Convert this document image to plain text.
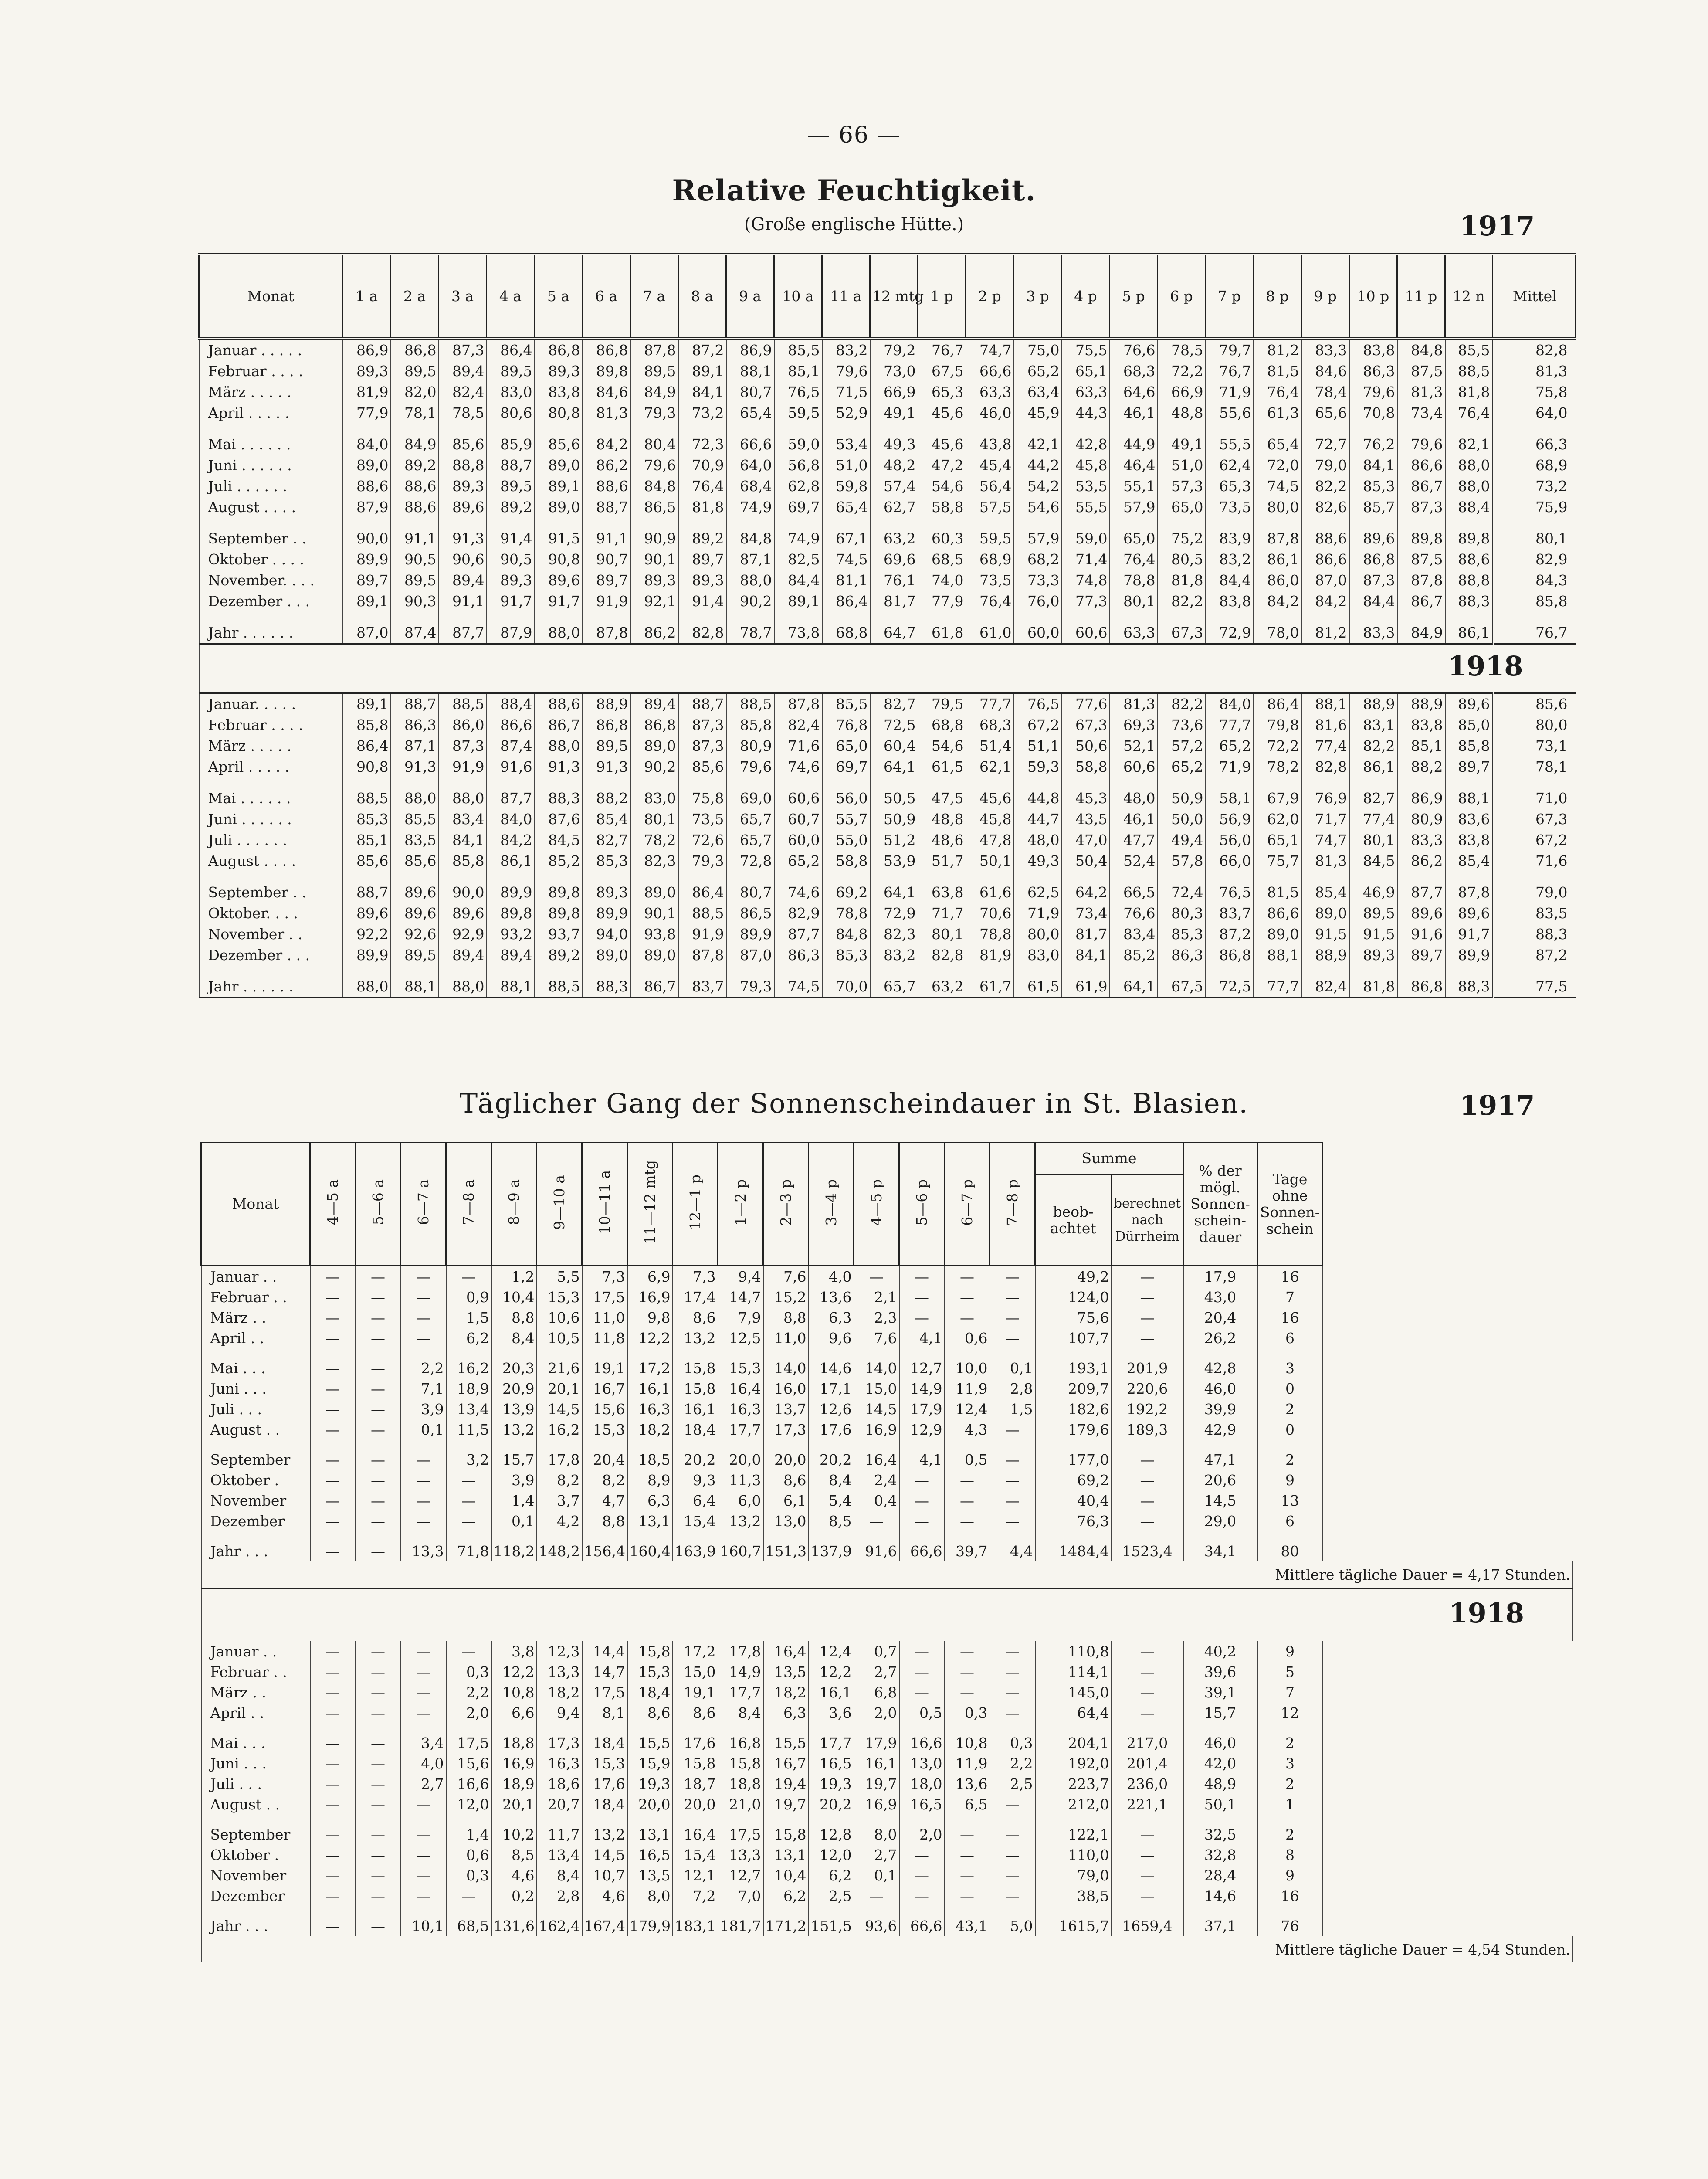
— 66 —
Relative Feuchtigkeit.
(Große englische Hütte.)	1917
Monat	1 a	2 a	3 a	4 a	5 a	6 a	7 a	8 a	9 a	10 a	11 a	12 mtg	1 p	2 p	3 p	4 p	5 p	6 p	7 p	8 p	9 p	10 p	11 p	12 n	Mittel
Januar . . . . .	86,9	86,8	87,3	86,4	86,8	86,8	87,8	87,2	86,9	85,5	83,2	79,2	76,7	74,7	75,0	75,5	76,6	78,5	79,7	81,2	83,3	83,8	84,8	85,5	82,8
Februar . . . .	89,3	89,5	89,4	89,5	89,3	89,8	89,5	89,1	88,1	85,1	79,6	73,0	67,5	66,6	65,2	65,1	68,3	72,2	76,7	81,5	84,6	86,3	87,5	88,5	81,3
März . . . . .	81,9	82,0	82,4	83,0	83,8	84,6	84,9	84,1	80,7	76,5	71,5	66,9	65,3	63,3	63,4	63,3	64,6	66,9	71,9	76,4	78,4	79,6	81,3	81,8	75,8
April . . . . .	77,9	78,1	78,5	80,6	80,8	81,3	79,3	73,2	65,4	59,5	52,9	49,1	45,6	46,0	45,9	44,3	46,1	48,8	55,6	61,3	65,6	70,8	73,4	76,4	64,0
Mai . . . . . .	84,0	84,9	85,6	85,9	85,6	84,2	80,4	72,3	66,6	59,0	53,4	49,3	45,6	43,8	42,1	42,8	44,9	49,1	55,5	65,4	72,7	76,2	79,6	82,1	66,3
Juni . . . . . .	89,0	89,2	88,8	88,7	89,0	86,2	79,6	70,9	64,0	56,8	51,0	48,2	47,2	45,4	44,2	45,8	46,4	51,0	62,4	72,0	79,0	84,1	86,6	88,0	68,9
Juli . . . . . .	88,6	88,6	89,3	89,5	89,1	88,6	84,8	76,4	68,4	62,8	59,8	57,4	54,6	56,4	54,2	53,5	55,1	57,3	65,3	74,5	82,2	85,3	86,7	88,0	73,2
August . . . .	87,9	88,6	89,6	89,2	89,0	88,7	86,5	81,8	74,9	69,7	65,4	62,7	58,8	57,5	54,6	55,5	57,9	65,0	73,5	80,0	82,6	85,7	87,3	88,4	75,9
September . .	90,0	91,1	91,3	91,4	91,5	91,1	90,9	89,2	84,8	74,9	67,1	63,2	60,3	59,5	57,9	59,0	65,0	75,2	83,9	87,8	88,6	89,6	89,8	89,8	80,1
Oktober . . . .	89,9	90,5	90,6	90,5	90,8	90,7	90,1	89,7	87,1	82,5	74,5	69,6	68,5	68,9	68,2	71,4	76,4	80,5	83,2	86,1	86,6	86,8	87,5	88,6	82,9
November. . . .	89,7	89,5	89,4	89,3	89,6	89,7	89,3	89,3	88,0	84,4	81,1	76,1	74,0	73,5	73,3	74,8	78,8	81,8	84,4	86,0	87,0	87,3	87,8	88,8	84,3
Dezember . . .	89,1	90,3	91,1	91,7	91,7	91,9	92,1	91,4	90,2	89,1	86,4	81,7	77,9	76,4	76,0	77,3	80,1	82,2	83,8	84,2	84,2	84,4	86,7	88,3	85,8
Jahr . . . . . .	87,0	87,4	87,7	87,9	88,0	87,8	86,2	82,8	78,7	73,8	68,8	64,7	61,8	61,0	60,0	60,6	63,3	67,3	72,9	78,0	81,2	83,3	84,9	86,1	76,7
1918																									
Januar. . . . .	89,1	88,7	88,5	88,4	88,6	88,9	89,4	88,7	88,5	87,8	85,5	82,7	79,5	77,7	76,5	77,6	81,3	82,2	84,0	86,4	88,1	88,9	88,9	89,6	85,6
Februar . . . .	85,8	86,3	86,0	86,6	86,7	86,8	86,8	87,3	85,8	82,4	76,8	72,5	68,8	68,3	67,2	67,3	69,3	73,6	77,7	79,8	81,6	83,1	83,8	85,0	80,0
März . . . . .	86,4	87,1	87,3	87,4	88,0	89,5	89,0	87,3	80,9	71,6	65,0	60,4	54,6	51,4	51,1	50,6	52,1	57,2	65,2	72,2	77,4	82,2	85,1	85,8	73,1
April . . . . .	90,8	91,3	91,9	91,6	91,3	91,3	90,2	85,6	79,6	74,6	69,7	64,1	61,5	62,1	59,3	58,8	60,6	65,2	71,9	78,2	82,8	86,1	88,2	89,7	78,1
Mai . . . . . .	88,5	88,0	88,0	87,7	88,3	88,2	83,0	75,8	69,0	60,6	56,0	50,5	47,5	45,6	44,8	45,3	48,0	50,9	58,1	67,9	76,9	82,7	86,9	88,1	71,0
Juni . . . . . .	85,3	85,5	83,4	84,0	87,6	85,4	80,1	73,5	65,7	60,7	55,7	50,9	48,8	45,8	44,7	43,5	46,1	50,0	56,9	62,0	71,7	77,4	80,9	83,6	67,3
Juli . . . . . .	85,1	83,5	84,1	84,2	84,5	82,7	78,2	72,6	65,7	60,0	55,0	51,2	48,6	47,8	48,0	47,0	47,7	49,4	56,0	65,1	74,7	80,1	83,3	83,8	67,2
August . . . .	85,6	85,6	85,8	86,1	85,2	85,3	82,3	79,3	72,8	65,2	58,8	53,9	51,7	50,1	49,3	50,4	52,4	57,8	66,0	75,7	81,3	84,5	86,2	85,4	71,6
September . .	88,7	89,6	90,0	89,9	89,8	89,3	89,0	86,4	80,7	74,6	69,2	64,1	63,8	61,6	62,5	64,2	66,5	72,4	76,5	81,5	85,4	46,9	87,7	87,8	79,0
Oktober. . . .	89,6	89,6	89,6	89,8	89,8	89,9	90,1	88,5	86,5	82,9	78,8	72,9	71,7	70,6	71,9	73,4	76,6	80,3	83,7	86,6	89,0	89,5	89,6	89,6	83,5
November . .	92,2	92,6	92,9	93,2	93,7	94,0	93,8	91,9	89,9	87,7	84,8	82,3	80,1	78,8	80,0	81,7	83,4	85,3	87,2	89,0	91,5	91,5	91,6	91,7	88,3
Dezember . . .	89,9	89,5	89,4	89,4	89,2	89,0	89,0	87,8	87,0	86,3	85,3	83,2	82,8	81,9	83,0	84,1	85,2	86,3	86,8	88,1	88,9	89,3	89,7	89,9	87,2
Jahr . . . . . .	88,0	88,1	88,0	88,1	88,5	88,3	86,7	83,7	79,3	74,5	70,0	65,7	63,2	61,7	61,5	61,9	64,1	67,5	72,5	77,7	82,4	81,8	86,8	88,3	77,5
Täglicher Gang der Sonnenscheindauer in St. Blasien.	1917
Monat	4—5 a	5—6 a	6—7 a	7—8 a	8—9 a	9—10 a	10—11 a	11—12 mtg	12—1 p	1—2 p	2—3 p	3—4 p	4—5 p	5—6 p	6—7 p	7—8 p	Summe		% der mögl. Sonnen-schein-dauer	Tage ohne Sonnen-schein
																	beob-achtet	berechnet nach Dürrheim		
Januar . .	—	—	—	—	1,2	5,5	7,3	6,9	7,3	9,4	7,6	4,0	—	—	—	—	49,2	—	17,9	16
Februar . .	—	—	—	0,9	10,4	15,3	17,5	16,9	17,4	14,7	15,2	13,6	2,1	—	—	—	124,0	—	43,0	7
März . .	—	—	—	1,5	8,8	10,6	11,0	9,8	8,6	7,9	8,8	6,3	2,3	—	—	—	75,6	—	20,4	16
April . .	—	—	—	6,2	8,4	10,5	11,8	12,2	13,2	12,5	11,0	9,6	7,6	4,1	0,6	—	107,7	—	26,2	6
Mai . . .	—	—	2,2	16,2	20,3	21,6	19,1	17,2	15,8	15,3	14,0	14,6	14,0	12,7	10,0	0,1	193,1	201,9	42,8	3
Juni . . .	—	—	7,1	18,9	20,9	20,1	16,7	16,1	15,8	16,4	16,0	17,1	15,0	14,9	11,9	2,8	209,7	220,6	46,0	0
Juli . . .	—	—	3,9	13,4	13,9	14,5	15,6	16,3	16,1	16,3	13,7	12,6	14,5	17,9	12,4	1,5	182,6	192,2	39,9	2
August . .	—	—	0,1	11,5	13,2	16,2	15,3	18,2	18,4	17,7	17,3	17,6	16,9	12,9	4,3	—	179,6	189,3	42,9	0
September	—	—	—	3,2	15,7	17,8	20,4	18,5	20,2	20,0	20,0	20,2	16,4	4,1	0,5	—	177,0	—	47,1	2
Oktober .	—	—	—	—	3,9	8,2	8,2	8,9	9,3	11,3	8,6	8,4	2,4	—	—	—	69,2	—	20,6	9
November	—	—	—	—	1,4	3,7	4,7	6,3	6,4	6,0	6,1	5,4	0,4	—	—	—	40,4	—	14,5	13
Dezember	—	—	—	—	0,1	4,2	8,8	13,1	15,4	13,2	13,0	8,5	—	—	—	—	76,3	—	29,0	6
Jahr . . .	—	—	13,3	71,8	118,2	148,2	156,4	160,4	163,9	160,7	151,3	137,9	91,6	66,6	39,7	4,4	1484,4	1523,4	34,1	80
Mittlere tägliche Dauer = 4,17 Stunden.																				
1918																				
Januar . .	—	—	—	—	3,8	12,3	14,4	15,8	17,2	17,8	16,4	12,4	0,7	—	—	—	110,8	—	40,2	9
Februar . .	—	—	—	0,3	12,2	13,3	14,7	15,3	15,0	14,9	13,5	12,2	2,7	—	—	—	114,1	—	39,6	5
März . .	—	—	—	2,2	10,8	18,2	17,5	18,4	19,1	17,7	18,2	16,1	6,8	—	—	—	145,0	—	39,1	7
April . .	—	—	—	2,0	6,6	9,4	8,1	8,6	8,6	8,4	6,3	3,6	2,0	0,5	0,3	—	64,4	—	15,7	12
Mai . . .	—	—	3,4	17,5	18,8	17,3	18,4	15,5	17,6	16,8	15,5	17,7	17,9	16,6	10,8	0,3	204,1	217,0	46,0	2
Juni . . .	—	—	4,0	15,6	16,9	16,3	15,3	15,9	15,8	15,8	16,7	16,5	16,1	13,0	11,9	2,2	192,0	201,4	42,0	3
Juli . . .	—	—	2,7	16,6	18,9	18,6	17,6	19,3	18,7	18,8	19,4	19,3	19,7	18,0	13,6	2,5	223,7	236,0	48,9	2
August . .	—	—	—	12,0	20,1	20,7	18,4	20,0	20,0	21,0	19,7	20,2	16,9	16,5	6,5	—	212,0	221,1	50,1	1
September	—	—	—	1,4	10,2	11,7	13,2	13,1	16,4	17,5	15,8	12,8	8,0	2,0	—	—	122,1	—	32,5	2
Oktober .	—	—	—	0,6	8,5	13,4	14,5	16,5	15,4	13,3	13,1	12,0	2,7	—	—	—	110,0	—	32,8	8
November	—	—	—	0,3	4,6	8,4	10,7	13,5	12,1	12,7	10,4	6,2	0,1	—	—	—	79,0	—	28,4	9
Dezember	—	—	—	—	0,2	2,8	4,6	8,0	7,2	7,0	6,2	2,5	—	—	—	—	38,5	—	14,6	16
Jahr . . .	—	—	10,1	68,5	131,6	162,4	167,4	179,9	183,1	181,7	171,2	151,5	93,6	66,6	43,1	5,0	1615,7	1659,4	37,1	76
Mittlere tägliche Dauer = 4,54 Stunden.																				
